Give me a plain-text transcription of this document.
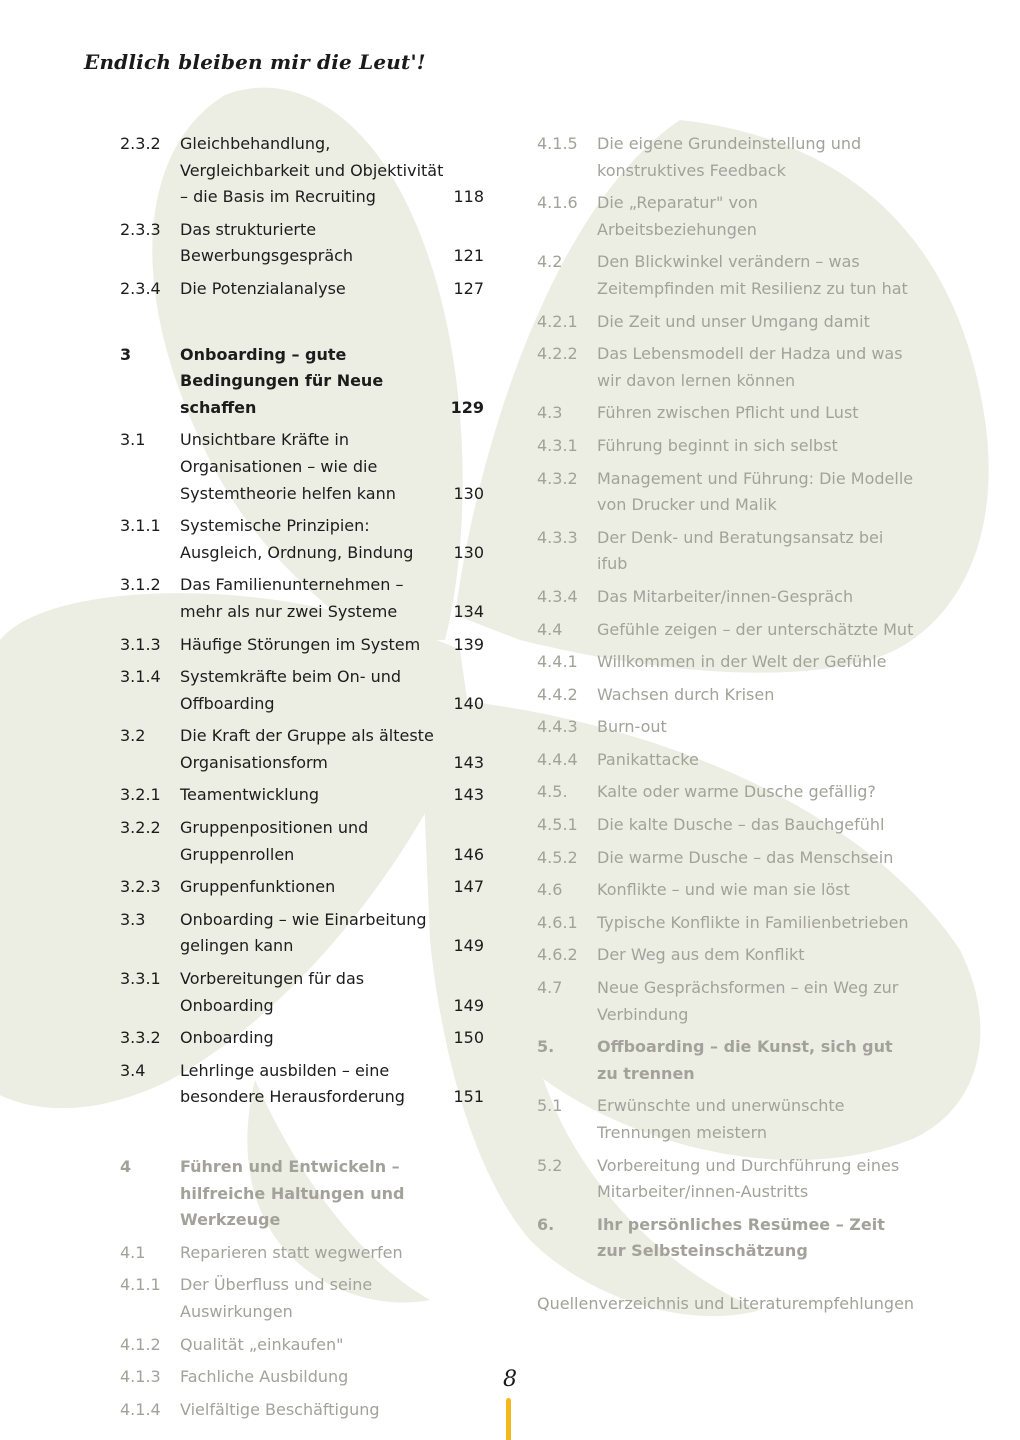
Endlich bleiben mir die Leut'!
2.3.2	Gleichbehandlung, Vergleichbarkeit und Objektivität – die Basis im Recruiting	118
2.3.3	Das strukturierte Bewerbungsgespräch	121
2.3.4	Die Potenzialanalyse	127
3	Onboarding – gute Bedingungen für Neue schaffen	129
3.1	Unsichtbare Kräfte in Organisationen – wie die Systemtheorie helfen kann	130
3.1.1	Systemische Prinzipien: Ausgleich, Ordnung, Bindung	130
3.1.2	Das Familienunternehmen – mehr als nur zwei Systeme	134
3.1.3	Häufige Störungen im System	139
3.1.4	Systemkräfte beim On- und Offboarding	140
3.2	Die Kraft der Gruppe als älteste Organisationsform	143
3.2.1	Teamentwicklung	143
3.2.2	Gruppenpositionen und Gruppenrollen	146
3.2.3	Gruppenfunktionen	147
3.3	Onboarding – wie Einarbeitung gelingen kann	149
3.3.1	Vorbereitungen für das Onboarding	149
3.3.2	Onboarding	150
3.4	Lehrlinge ausbilden – eine besondere Herausforderung	151
4	Führen und Entwickeln – hilfreiche Haltungen und Werkzeuge
4.1	Reparieren statt wegwerfen
4.1.1	Der Überfluss und seine Auswirkungen
4.1.2	Qualität „einkaufen"
4.1.3	Fachliche Ausbildung
4.1.4	Vielfältige Beschäftigung
4.1.5	Die eigene Grundeinstellung und konstruktives Feedback
4.1.6	Die „Reparatur" von Arbeitsbeziehungen
4.2	Den Blickwinkel verändern – was Zeitempfinden mit Resilienz zu tun hat
4.2.1	Die Zeit und unser Umgang damit
4.2.2	Das Lebensmodell der Hadza und was wir davon lernen können
4.3	Führen zwischen Pflicht und Lust
4.3.1	Führung beginnt in sich selbst
4.3.2	Management und Führung: Die Modelle von Drucker und Malik
4.3.3	Der Denk- und Beratungsansatz bei ifub
4.3.4	Das Mitarbeiter/innen-Gespräch
4.4	Gefühle zeigen – der unterschätzte Mut
4.4.1	Willkommen in der Welt der Gefühle
4.4.2	Wachsen durch Krisen
4.4.3	Burn-out
4.4.4	Panikattacke
4.5.	Kalte oder warme Dusche gefällig?
4.5.1	Die kalte Dusche – das Bauchgefühl
4.5.2	Die warme Dusche – das Menschsein
4.6	Konflikte – und wie man sie löst
4.6.1	Typische Konflikte in Familienbetrieben
4.6.2	Der Weg aus dem Konflikt
4.7	Neue Gesprächsformen – ein Weg zur Verbindung
5.	Offboarding – die Kunst, sich gut zu trennen
5.1	Erwünschte und unerwünschte Trennungen meistern
5.2	Vorbereitung und Durchführung eines Mitarbeiter/innen-Austritts
6.	Ihr persönliches Resümee – Zeit zur Selbsteinschätzung
Quellenverzeichnis und Literaturempfehlungen
8
